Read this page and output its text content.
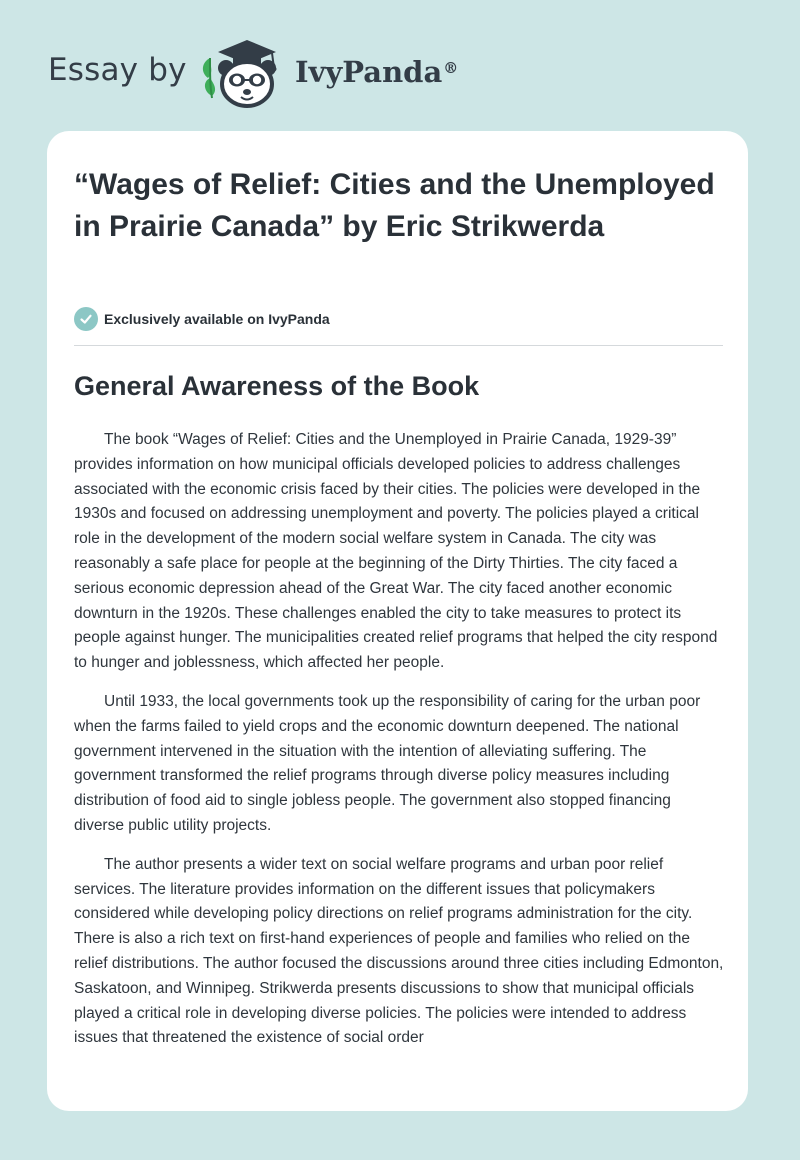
Essay by	IvyPanda®
“Wages of Relief: Cities and the Unemployed in Prairie Canada” by Eric Strikwerda
Exclusively available on IvyPanda
General Awareness of the Book

The book “Wages of Relief: Cities and the Unemployed in Prairie Canada, 1929-39” provides information on how municipal officials developed policies to address challenges associated with the economic crisis faced by their cities. The policies were developed in the 1930s and focused on addressing unemployment and poverty. The policies played a critical role in the development of the modern social welfare system in Canada. The city was reasonably a safe place for people at the beginning of the Dirty Thirties. The city faced a serious economic depression ahead of the Great War. The city faced another economic downturn in the 1920s. These challenges enabled the city to take measures to protect its people against hunger. The municipalities created relief programs that helped the city respond to hunger and joblessness, which affected her people.

Until 1933, the local governments took up the responsibility of caring for the urban poor when the farms failed to yield crops and the economic downturn deepened. The national government intervened in the situation with the intention of alleviating suffering. The government transformed the relief programs through diverse policy measures including distribution of food aid to single jobless people. The government also stopped financing diverse public utility projects.

The author presents a wider text on social welfare programs and urban poor relief services. The literature provides information on the different issues that policymakers considered while developing policy directions on relief programs administration for the city. There is also a rich text on first-hand experiences of people and families who relied on the relief distributions. The author focused the discussions around three cities including Edmonton, Saskatoon, and Winnipeg. Strikwerda presents discussions to show that municipal officials played a critical role in developing diverse policies. The policies were intended to address issues that threatened the existence of social order
